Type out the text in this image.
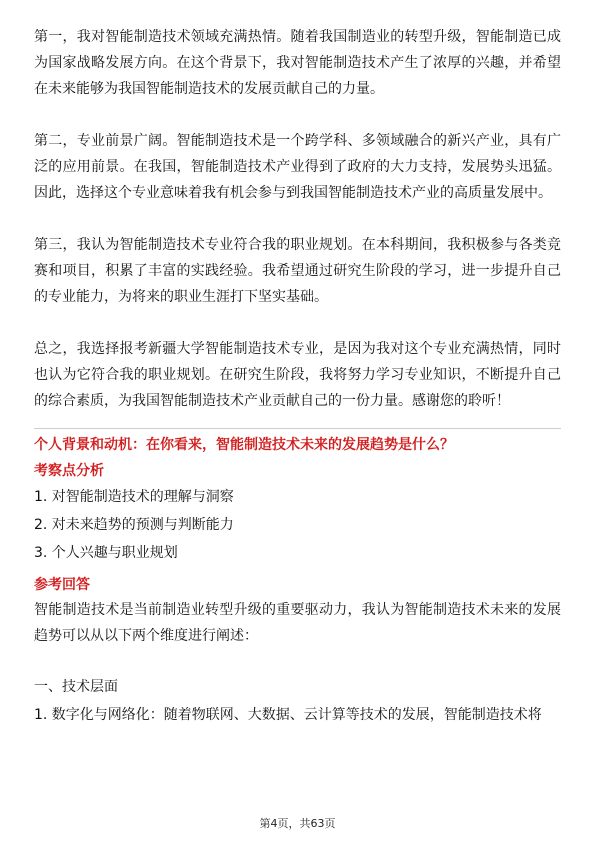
第一，我对智能制造技术领域充满热情。随着我国制造业的转型升级，智能制造已成为国家战略发展方向。在这个背景下，我对智能制造技术产生了浓厚的兴趣，并希望在未来能够为我国智能制造技术的发展贡献自己的力量。

第二，专业前景广阔。智能制造技术是一个跨学科、多领域融合的新兴产业，具有广泛的应用前景。在我国，智能制造技术产业得到了政府的大力支持，发展势头迅猛。因此，选择这个专业意味着我有机会参与到我国智能制造技术产业的高质量发展中。

第三，我认为智能制造技术专业符合我的职业规划。在本科期间，我积极参与各类竞赛和项目，积累了丰富的实践经验。我希望通过研究生阶段的学习，进一步提升自己的专业能力，为将来的职业生涯打下坚实基础。

总之，我选择报考新疆大学智能制造技术专业，是因为我对这个专业充满热情，同时也认为它符合我的职业规划。在研究生阶段，我将努力学习专业知识，不断提升自己的综合素质，为我国智能制造技术产业贡献自己的一份力量。感谢您的聆听！

个人背景和动机：在你看来，智能制造技术未来的发展趋势是什么？

考察点分析

1. 对智能制造技术的理解与洞察

2. 对未来趋势的预测与判断能力

3. 个人兴趣与职业规划

参考回答

智能制造技术是当前制造业转型升级的重要驱动力，我认为智能制造技术未来的发展趋势可以从以下两个维度进行阐述：

一、技术层面

1. 数字化与网络化：随着物联网、大数据、云计算等技术的发展，智能制造技术将

第4页，共63页
